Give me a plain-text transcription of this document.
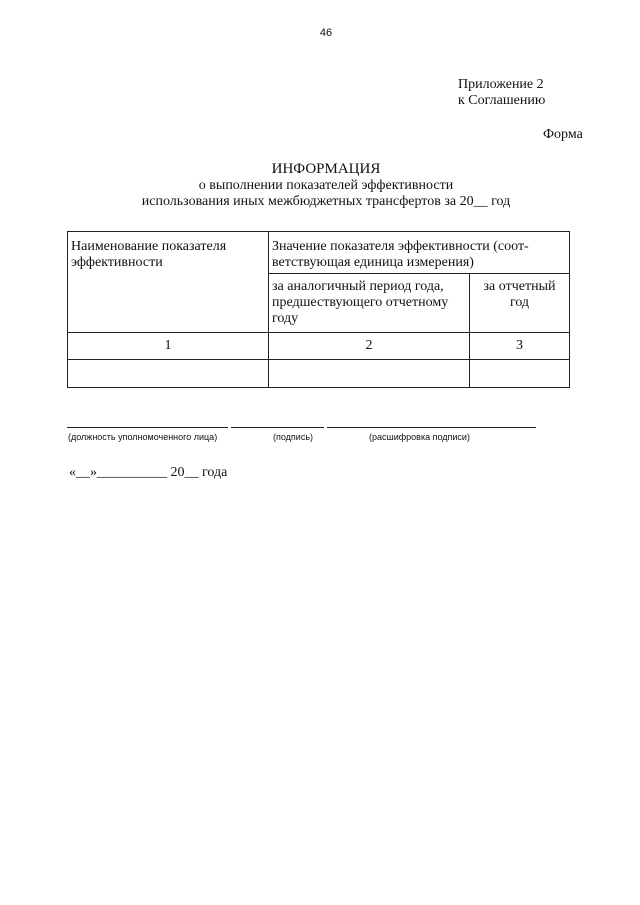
46
Приложение 2
к Соглашению
Форма
ИНФОРМАЦИЯ
о выполнении показателей эффективности
использования иных межбюджетных трансфертов за 20__ год
Наименование показателя эффективности	Значение показателя эффективности (соот-
ветствующая единица измерения)	

	за аналогичный период года, предшествующего отчетному году	за отчетный
год

1	2	3

(должность уполномоченного лица)	(подпись)	(расшифровка подписи)
«__»__________ 20__ года
